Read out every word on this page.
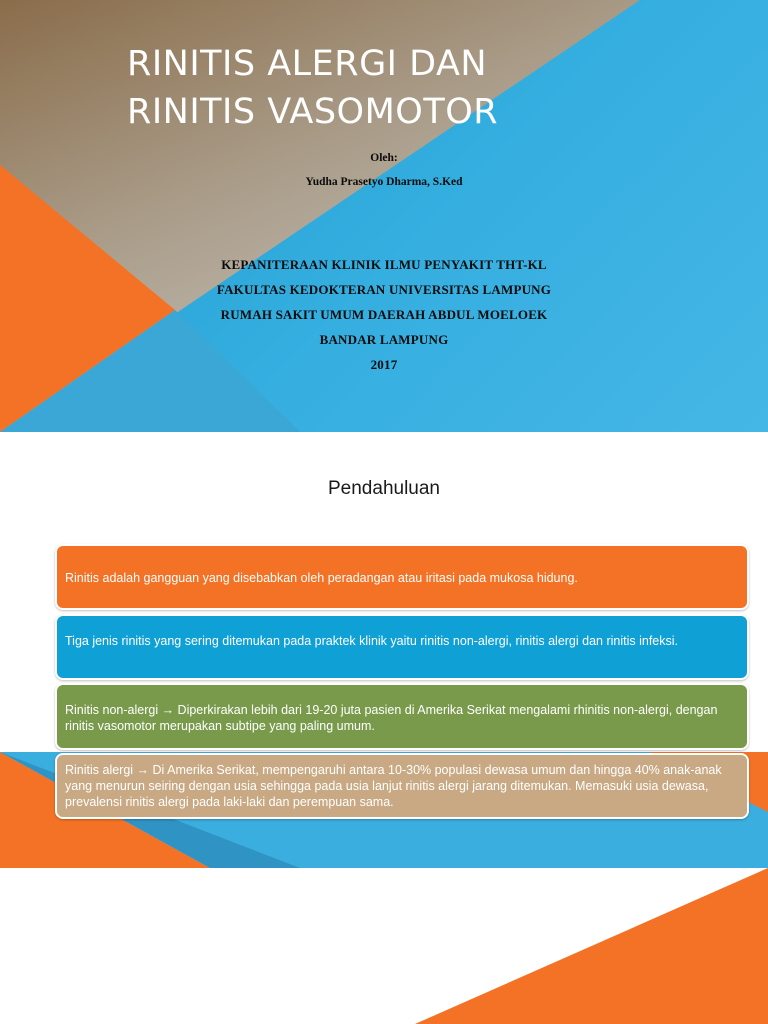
RINITIS ALERGI DAN
RINITIS VASOMOTOR
Oleh:
Yudha Prasetyo Dharma, S.Ked
KEPANITERAAN KLINIK ILMU PENYAKIT THT-KL
FAKULTAS KEDOKTERAN UNIVERSITAS LAMPUNG
RUMAH SAKIT UMUM DAERAH ABDUL MOELOEK
BANDAR LAMPUNG
2017
Pendahuluan
Rinitis adalah gangguan yang disebabkan oleh peradangan atau iritasi pada mukosa hidung.
Tiga jenis rinitis yang sering ditemukan pada praktek klinik yaitu rinitis non-alergi, rinitis alergi dan rinitis infeksi.
Rinitis non-alergi → Diperkirakan lebih dari 19-20 juta pasien di Amerika Serikat mengalami rhinitis non-alergi, dengan rinitis vasomotor merupakan subtipe yang paling umum.
Rinitis alergi → Di Amerika Serikat, mempengaruhi antara 10-30% populasi dewasa umum dan hingga 40% anak-anak yang menurun seiring dengan usia sehingga pada usia lanjut rinitis alergi jarang ditemukan. Memasuki usia dewasa, prevalensi rinitis alergi pada laki-laki dan perempuan sama.
